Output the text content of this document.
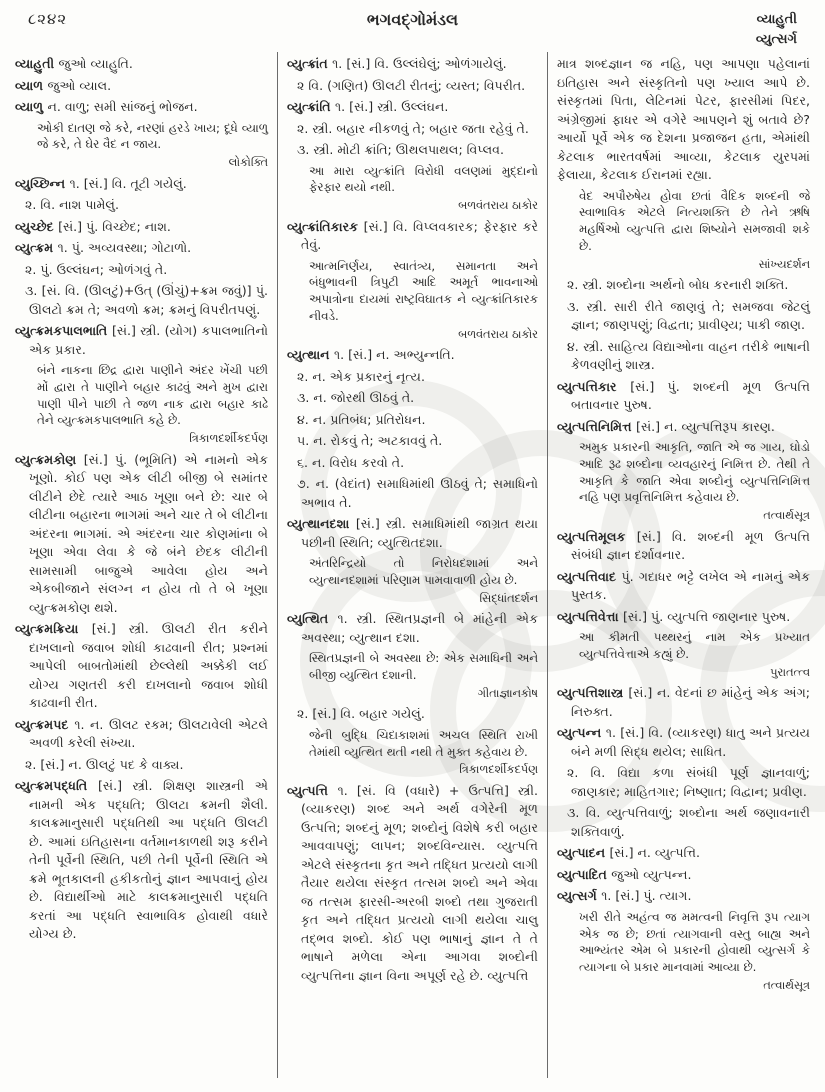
૮૨૪૨	ભગવદ્ગોમંડલ	વ્યાહુતી
વ્યુત્સર્ગ

વ્યાહુતી જુઓ વ્યાહુતિ.

વ્યાળ જુઓ વ્યાલ.

વ્યાળુ ન. વાળુ; સમી સાંજનું ભોજન.

ઓકી દાતણ જે કરે, નરણાં હરડે ખાય; દૂધે વ્યાળુ જે કરે, તે ઘેર વૈદ ન જાય.

લોકોક્તિ

વ્યુચ્છિન્ન ૧. [સં.] વિ. તૂટી ગયેલું.

૨. વિ. નાશ પામેલું.

વ્યુચ્છેદ [સં.] પું. વિચ્છેદ; નાશ.

વ્યુત્ક્રમ ૧. પું. અવ્યવસ્થા; ગોટાળો.

૨. પું. ઉલ્લંઘન; ઓળંગવું તે.

૩. [સં. વિ. (ઊલટું)+ઉત્ (ઊંચું)+ક્રમ જવું)] પું. ઊલટો ક્રમ તે; અવળો ક્રમ; ક્રમનું વિપરીતપણું.

વ્યુત્ક્રમકપાલભાતિ [સં.] સ્ત્રી. (યોગ) કપાલભાતિનો એક પ્રકાર.

બંને નાકના છિદ્ર દ્વારા પાણીને અંદર ખેંચી પછી મોં દ્વારા તે પાણીને બહાર કાઢવું અને મુખ દ્વારા પાણી પીને પાછી તે જળ નાક દ્વારા બહાર કાઢે તેને વ્યુત્ક્રમકપાલભાતિ કહે છે.

ત્રિકાળદર્શીકદર્પણ

વ્યુત્ક્રમકોણ [સં.] પું. (ભૂમિતિ) એ નામનો એક ખૂણો. કોઈ પણ એક લીટી બીજી બે સમાંતર લીટીને છેદે ત્યારે આઠ ખૂણા બને છે: ચાર બે લીટીના બહારના ભાગમાં અને ચાર તે બે લીટીના અંદરના ભાગમાં. એ અંદરના ચાર કોણમાંના બે ખૂણા એવા લેવા કે જે બંને છેદક લીટીની સામસામી બાજુએ આવેલા હોય અને એકબીજાને સંલગ્ન ન હોય તો તે બે ખૂણા વ્યુત્ક્રમકોણ થશે.

વ્યુત્ક્રમક્રિયા [સં.] સ્ત્રી. ઊલટી રીત કરીને દાખલાનો જવાબ શોધી કાઢવાની રીત; પ્રશ્નમાં આપેલી બાબતોમાંથી છેલ્લેથી અક્કેકી લઈ યોગ્ય ગણતરી કરી દાખલાનો જવાબ શોધી કાઢવાની રીત.

વ્યુત્ક્રમપદ ૧. ન. ઊલટ રકમ; ઊલટાવેલી એટલે અવળી કરેલી સંખ્યા.

૨. [સં.] ન. ઊલટું પદ કે વાક્ય.

વ્યુત્ક્રમપદ્ધતિ [સં.] સ્ત્રી. શિક્ષણ શાસ્ત્રની એ નામની એક પદ્ધતિ; ઊલટા ક્રમની શૈલી. કાલક્રમાનુસારી પદ્ધતિથી આ પદ્ધતિ ઊલટી છે. આમાં ઇતિહાસના વર્તમાનકાળથી શરૂ કરીને તેની પૂર્વેની સ્થિતિ, પછી તેની પૂર્વેની સ્થિતિ એ ક્રમે ભૂતકાલની હકીકતોનું જ્ઞાન આપવાનું હોય છે. વિદ્યાર્થીઓ માટે કાલક્રમાનુસારી પદ્ધતિ કરતાં આ પદ્ધતિ સ્વાભાવિક હોવાથી વધારે યોગ્ય છે.

વ્યુત્ક્રાંત ૧. [સં.] વિ. ઉલ્લંઘેલું; ઓળંગાયેલું.

૨ વિ. (ગણિત) ઊલટી રીતનું; વ્યસ્ત; વિપરીત.

વ્યુત્ક્રાંતિ ૧. [સં.] સ્ત્રી. ઉલ્લંઘન.

૨. સ્ત્રી. બહાર નીકળવું તે; બહાર જતા રહેવું તે.

૩. સ્ત્રી. મોટી ક્રાંતિ; ઊથલપાથલ; વિપ્લવ.

આ મારા વ્યુત્ક્રાંતિ વિરોધી વલણમાં મુદ્દાનો ફેરફાર થયો નથી.

બળવંતરાય ઠાકોર

વ્યુત્ક્રાંતિકારક [સં.] વિ. વિપ્લવકારક; ફેરફાર કરે તેવું.

આત્મનિર્ણય, સ્વાતંત્ર્ય, સમાનતા અને બંધુભાવની ત્રિપુટી આદિ અમૂર્ત ભાવનાઓ અપાત્રોના દાયમાં રાષ્ટ્રવિઘાતક ને વ્યુત્ક્રાંતિકારક નીવડે.

બળવંતરાય ઠાકોર

વ્યુત્થાન ૧. [સં.] ન. અભ્યુન્નતિ.

૨. ન. એક પ્રકારનું નૃત્ય.

૩. ન. જોરથી ઊઠવું તે.

૪. ન. પ્રતિબંધ; પ્રતિરોધન.

૫. ન. રોકવું તે; અટકાવવું તે.

૬. ન. વિરોધ કરવો તે.

૭. ન. (વેદાંત) સમાધિમાંથી ઊઠવું તે; સમાધિનો અભાવ તે.

વ્યુત્થાનદશા [સં.] સ્ત્રી. સમાધિમાંથી જાગ્રત થયા પછીની સ્થિતિ; વ્યુત્થિતદશા.

અંતરિન્દ્રિયો તો નિરોધદશામાં અને વ્યુત્થાનદશામાં પરિણામ પામવાવાળી હોય છે.

સિદ્ધાંતદર્શન

વ્યુત્થિત ૧. સ્ત્રી. સ્થિતપ્રજ્ઞની બે માંહેની એક અવસ્થા; વ્યુત્થાન દશા.

સ્થિતપ્રજ્ઞની બે અવસ્થા છે: એક સમાધિની અને બીજી વ્યુત્થિત દશાની.

ગીતાજ્ઞાનકોષ

૨. [સં.] વિ. બહાર ગયેલું.

જેની બુદ્ધિ ચિદાકાશમાં અચલ સ્થિતિ રાખી તેમાંથી વ્યુત્થિત થતી નથી તે મુક્ત કહેવાય છે.

ત્રિકાળદર્શીકદર્પણ

વ્યુત્પત્તિ ૧. [સં. વિ (વધારે) + ઉત્પત્તિ] સ્ત્રી. (વ્યાકરણ) શબ્દ અને અર્થ વગેરેની મૂળ ઉત્પત્તિ; શબ્દનું મૂળ; શબ્દોનું વિશેષે કરી બહાર આવવાપણું; લાપન; શબ્દવિન્યાસ. વ્યુત્પત્તિ એટલે સંસ્કૃતના કૃત અને તદ્ધિત પ્રત્યયો લાગી તૈયાર થયેલા સંસ્કૃત તત્સમ શબ્દો અને એવા જ તત્સમ ફારસી-અરબી શબ્દો તથા ગુજરાતી કૃત અને તદ્ધિત પ્રત્યયો લાગી થયેલા ચાલુ તદ્ભવ શબ્દો. કોઈ પણ ભાષાનું જ્ઞાન તે તે ભાષાને મળેલા એના આગવા શબ્દોની વ્યુત્પત્તિના જ્ઞાન વિના અપૂર્ણ રહે છે. વ્યુત્પત્તિ

માત્ર શબ્દજ્ઞાન જ નહિ, પણ આપણા પહેલાનાં ઇતિહાસ અને સંસ્કૃતિનો પણ ખ્યાલ આપે છે. સંસ્કૃતમાં પિતા, લેટિનમાં પેટર, ફારસીમાં પિદર, અંગ્રેજીમાં ફાધર એ વગેરે આપણને શું બતાવે છે? આર્યો પૂર્વે એક જ દેશના પ્રજાજન હતા, એમાંથી કેટલાક ભારતવર્ષમાં આવ્યા, કેટલાક યુરપમાં ફેલાયા, કેટલાક ઈરાનમાં રહ્યા.

વેદ અપૌરુષેય હોવા છતાં વૈદિક શબ્દની જે સ્વાભાવિક એટલે નિત્યશક્તિ છે તેને ઋષિ મહર્ષિઓ વ્યુત્પત્તિ દ્વારા શિષ્યોને સમજાવી શકે છે.

સાંખ્યદર્શન

૨. સ્ત્રી. શબ્દોના અર્થનો બોધ કરનારી શક્તિ.

૩. સ્ત્રી. સારી રીતે જાણવું તે; સમજવા જેટલું જ્ઞાન; જાણપણું; વિદ્વતા; પ્રાવીણ્ય; પાકી જાણ.

૪. સ્ત્રી. સાહિત્ય વિદ્યાઓના વાહન તરીકે ભાષાની કેળવણીનું શાસ્ત્ર.

વ્યુત્પત્તિકાર [સં.] પું. શબ્દની મૂળ ઉત્પત્તિ બતાવનાર પુરુષ.

વ્યુત્પત્તિનિમિત્ત [સં.] ન. વ્યુત્પત્તિરૂપ કારણ.

અમુક પ્રકારની આકૃતિ, જાતિ એ જ ગાય, ઘોડો આદિ રૂઢ શબ્દોના વ્યવહારનું નિમિત્ત છે. તેથી તે આકૃતિ કે જાતિ એવા શબ્દોનું વ્યુત્પત્તિનિમિત્ત નહિ પણ પ્રવૃત્તિનિમિત્ત કહેવાય છે.

તત્વાર્થસૂત્ર

વ્યુત્પત્તિમૂલક [સં.] વિ. શબ્દની મૂળ ઉત્પત્તિ સંબંધી જ્ઞાન દર્શાવનાર.

વ્યુત્પત્તિવાદ પું. ગદાધર ભટ્ટે લખેલ એ નામનું એક પુસ્તક.

વ્યુત્પત્તિવેત્તા [સં.] પું. વ્યુત્પત્તિ જાણનાર પુરુષ.

આ કીમતી પથ્થરનું નામ એક પ્રખ્યાત વ્યુત્પત્તિવેત્તાએ કહ્યું છે.

પુરાતત્ત્વ

વ્યુત્પત્તિશાસ્ત્ર [સં.] ન. વેદનાં છ માંહેનું એક અંગ; નિરુક્ત.

વ્યુત્પન્ન ૧. [સં.] વિ. (વ્યાકરણ) ધાતુ અને પ્રત્યય બંને મળી સિદ્ધ થયેલ; સાધિત.

૨. વિ. વિદ્યા કળા સંબંધી પૂર્ણ જ્ઞાનવાળું; જાણકાર; માહિતગાર; નિષ્ણાત; વિદ્વાન; પ્રવીણ.

૩. વિ. વ્યુત્પત્તિવાળું; શબ્દોના અર્થ જણાવનારી શક્તિવાળું.

વ્યુત્પાદન [સં.] ન. વ્યુત્પત્તિ.

વ્યુત્પાદિત જુઓ વ્યુત્પન્ન.

વ્યુત્સર્ગ ૧. [સં.] પું. ત્યાગ.

ખરી રીતે અહંત્વ જ મમત્વની નિવૃત્તિ રૂપ ત્યાગ એક જ છે; છતાં ત્યાગવાની વસ્તુ બાહ્ય અને આભ્યંતર એમ બે પ્રકારની હોવાથી વ્યુત્સર્ગ કે ત્યાગના બે પ્રકાર માનવામાં આવ્યા છે.

તત્વાર્થસૂત્ર
